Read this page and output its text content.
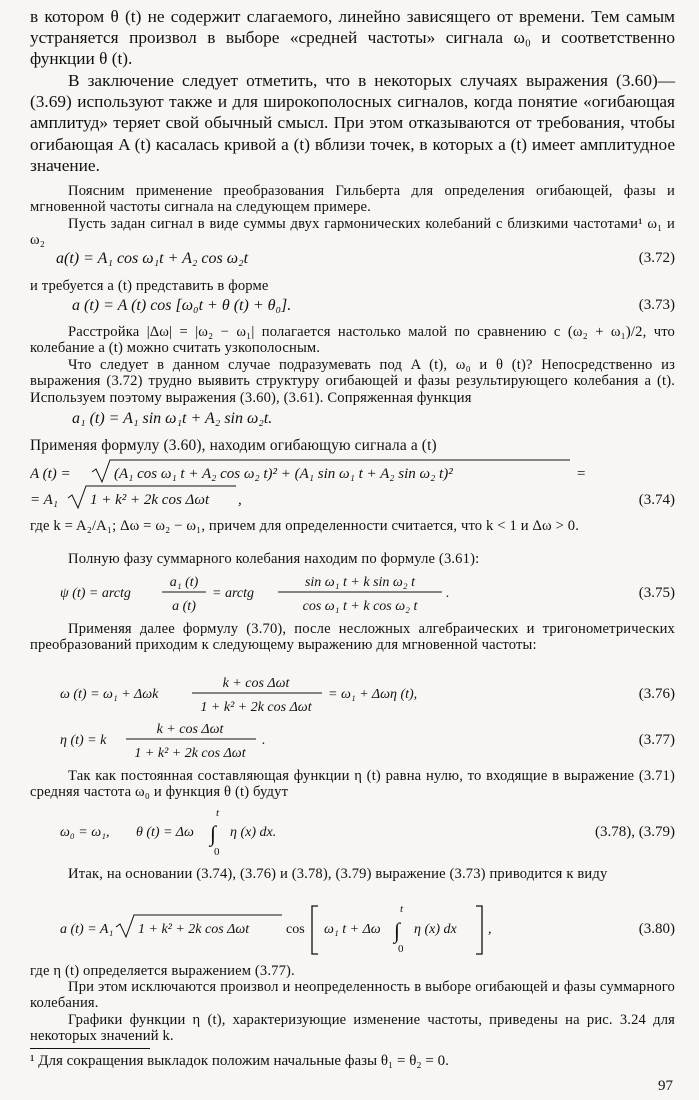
в котором θ (t) не содержит слагаемого, линейно зависящего от времени. Тем самым устраняется произвол в выборе «средней частоты» сигнала ω₀ и соответственно функции θ (t).
В заключение следует отметить, что в некоторых случаях выражения (3.60)—(3.69) используют также и для широкополосных сигналов, когда понятие «огибающая амплитуд» теряет свой обычный смысл. При этом отказываются от требования, чтобы огибающая A (t) касалась кривой a (t) вблизи точек, в которых a (t) имеет амплитудное значение.
Поясним применение преобразования Гильберта для определения огибающей, фазы и мгновенной частоты сигнала на следующем примере.
Пусть задан сигнал в виде суммы двух гармонических колебаний с близкими частотами¹ ω₁ и ω₂
a(t) = A₁ cos ω₁t + A₂ cos ω₂t	(3.72)
и требуется a (t) представить в форме
a (t) = A (t) cos [ω₀t + θ (t) + θ₀].	(3.73)
Расстройка |Δω| = |ω₂ − ω₁| полагается настолько малой по сравнению с (ω₂ + ω₁)/2, что колебание a (t) можно считать узкополосным.
Что следует в данном случае подразумевать под A (t), ω₀ и θ (t)? Непосредственно из выражения (3.72) трудно выявить структуру огибающей и фазы результирующего колебания a (t). Используем поэтому выражения (3.60), (3.61). Сопряженная функция
a₁ (t) = A₁ sin ω₁t + A₂ sin ω₂t.
Применяя формулу (3.60), находим огибающую сигнала a (t)
A (t) =	(A₁ cos ω₁ t + A₂ cos ω₂ t)² + (A₁ sin ω₁ t + A₂ sin ω₂ t)²	=
= A₁ 1 + k² + 2k cos Δωt ,	(3.74)
где k = A₂/A₁; Δω = ω₂ − ω₁, причем для определенности считается, что k < 1 и Δω > 0.
Полную фазу суммарного колебания находим по формуле (3.61):
ψ (t) = arctg
a₁ (t)
a (t)
= arctg
sin ω₁ t + k sin ω₂ t
cos ω₁ t + k cos ω₂ t
.	(3.75)
Применяя далее формулу (3.70), после несложных алгебраических и тригонометрических преобразований приходим к следующему выражению для мгновенной частоты:
ω (t) = ω₁ + Δωk
k + cos Δωt
1 + k² + 2k cos Δωt
= ω₁ + Δωη (t),	(3.76)
η (t) = k
k + cos Δωt
1 + k² + 2k cos Δωt
.	(3.77)
Так как постоянная составляющая функции η (t) равна нулю, то входящие в выражение (3.71) средняя частота ω₀ и функция θ (t) будут
ω₀ = ω₁, θ (t) = Δω
t
∫
0
η (x) dx.	(3.78), (3.79)
Итак, на основании (3.74), (3.76) и (3.78), (3.79) выражение (3.73) приводится к виду
a (t) = A₁ 1 + k² + 2k cos Δωt	cos ω₁ t + Δω
t
∫
0
η (x) dx ,	(3.80)
где η (t) определяется выражением (3.77).
При этом исключаются произвол и неопределенность в выборе огибающей и фазы суммарного колебания.
Графики функции η (t), характеризующие изменение частоты, приведены на рис. 3.24 для некоторых значений k.
¹ Для сокращения выкладок положим начальные фазы θ₁ = θ₂ = 0.
97
